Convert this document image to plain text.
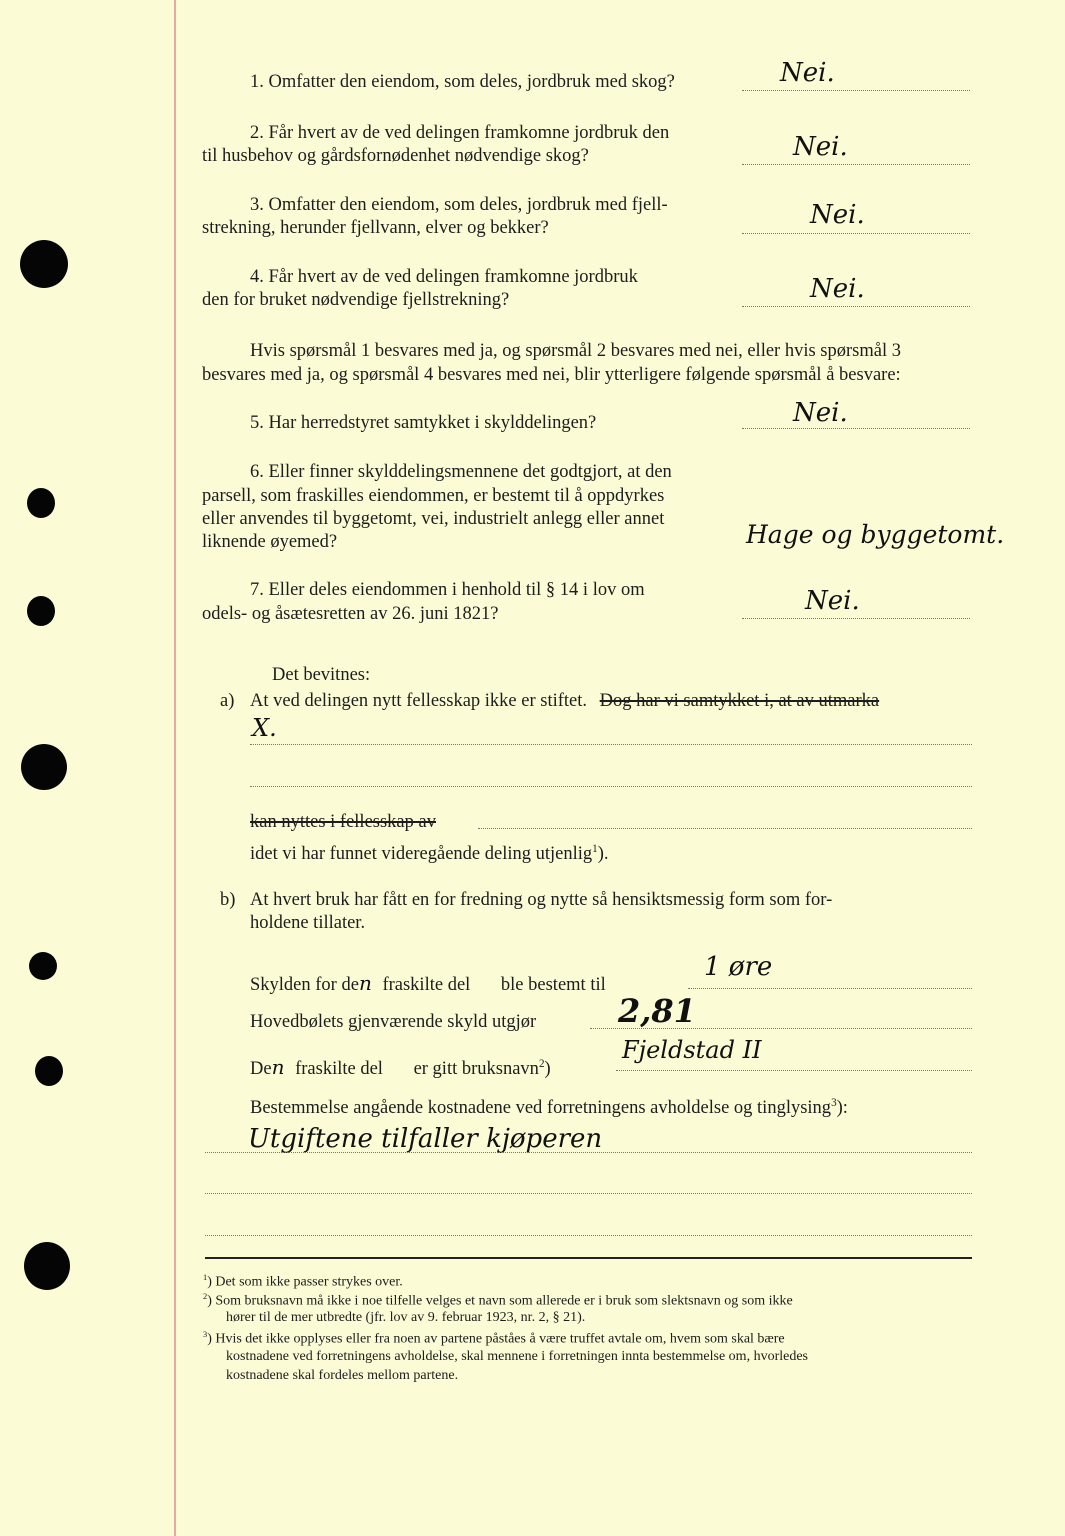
1. Omfatter den eiendom, som deles, jordbruk med skog?	Nei.
2. Får hvert av de ved delingen framkomne jordbruk den
til husbehov og gårdsfornødenhet nødvendige skog?	Nei.
3. Omfatter den eiendom, som deles, jordbruk med fjell-
strekning, herunder fjellvann, elver og bekker?	Nei.
4. Får hvert av de ved delingen framkomne jordbruk
den for bruket nødvendige fjellstrekning?	Nei.
Hvis spørsmål 1 besvares med ja, og spørsmål 2 besvares med nei, eller hvis spørsmål 3
besvares med ja, og spørsmål 4 besvares med nei, blir ytterligere følgende spørsmål å besvare:
5. Har herredstyret samtykket i skylddelingen?	Nei.
6. Eller finner skylddelingsmennene det godtgjort, at den
parsell, som fraskilles eiendommen, er bestemt til å oppdyrkes
eller anvendes til byggetomt, vei, industrielt anlegg eller annet
liknende øyemed?	Hage og byggetomt.
7. Eller deles eiendommen i henhold til § 14 i lov om
odels- og åsætesretten av 26. juni 1821?	Nei.
Det bevitnes:
a) At ved delingen nytt fellesskap ikke er stiftet. Dog har vi samtykket i, at av utmarka
X.
kan nyttes i fellesskap av
idet vi har funnet videregående deling utjenlig$^1$).
b) At hvert bruk har fått en for fredning og nytte så hensiktsmessig form som for-
holdene tillater.
Skylden for den fraskilte del ble bestemt til
1 øre
Hovedbølets gjenværende skyld utgjør	2,81
Den fraskilte del er gitt bruksnavn$^2$)
Fjeldstad II
Bestemmelse angående kostnadene ved forretningens avholdelse og tinglysing$^3$):
Utgiftene tilfaller kjøperen
$^1$) Det som ikke passer strykes over.
$^2$) Som bruksnavn må ikke i noe tilfelle velges et navn som allerede er i bruk som slektsnavn og som ikke
hører til de mer utbredte (jfr. lov av 9. februar 1923, nr. 2, § 21).
$^3$) Hvis det ikke opplyses eller fra noen av partene påståes å være truffet avtale om, hvem som skal bære
kostnadene ved forretningens avholdelse, skal mennene i forretningen innta bestemmelse om, hvorledes
kostnadene skal fordeles mellom partene.
